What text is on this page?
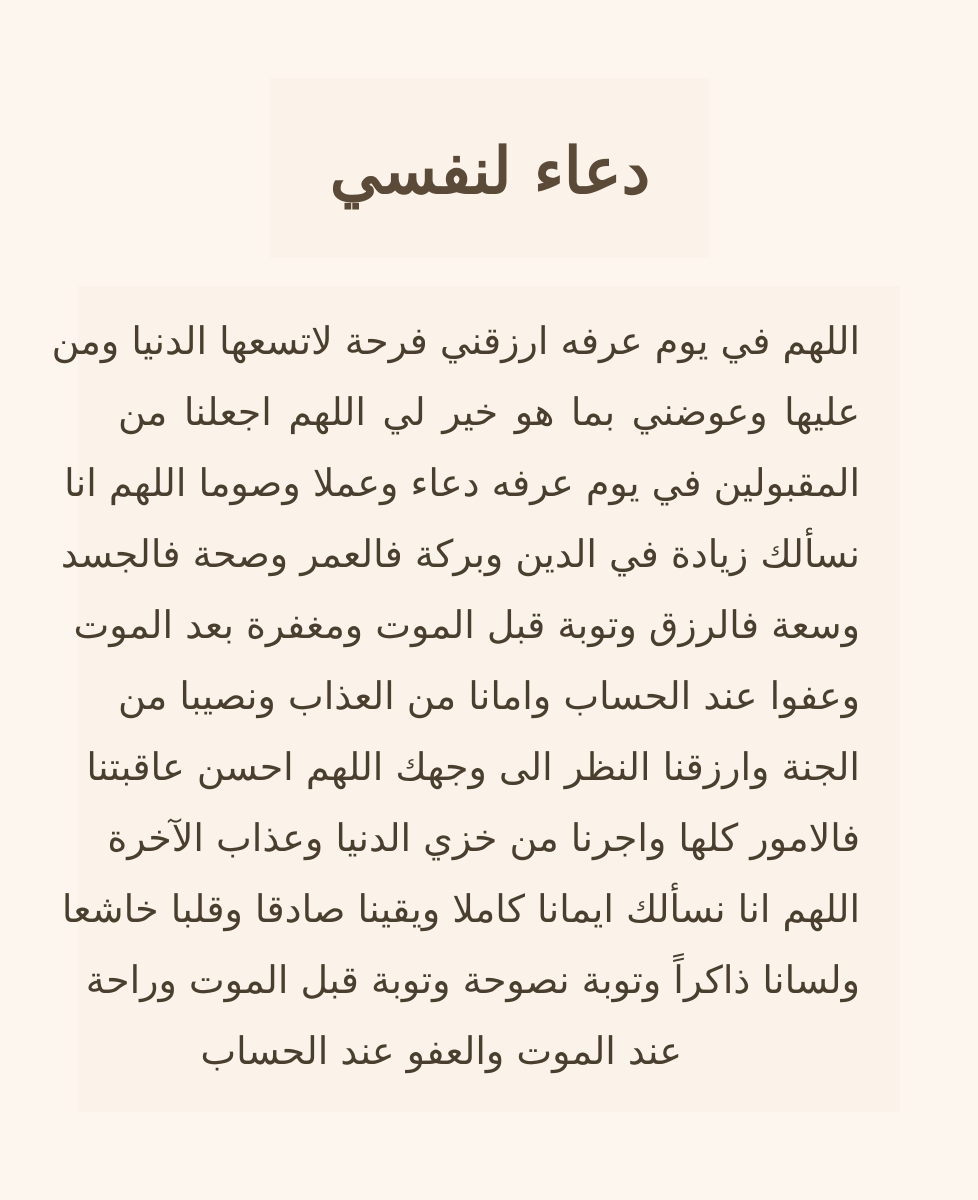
دعاء لنفسي
اللهم في يوم عرفه ارزقني فرحة لاتسعها الدنيا ومن
عليها وعوضني بما هو خير لي اللهم اجعلنا من
المقبولين في يوم عرفه دعاء وعملا وصوما اللهم انا
نسألك زيادة في الدين وبركة فالعمر وصحة فالجسد
وسعة فالرزق وتوبة قبل الموت ومغفرة بعد الموت
وعفوا عند الحساب وامانا من العذاب ونصيبا من
الجنة وارزقنا النظر الى وجهك اللهم احسن عاقبتنا
فالامور كلها واجرنا من خزي الدنيا وعذاب الآخرة
اللهم انا نسألك ايمانا كاملا ويقينا صادقا وقلبا خاشعا
ولسانا ذاكراً وتوبة نصوحة وتوبة قبل الموت وراحة
عند الموت والعفو عند الحساب
